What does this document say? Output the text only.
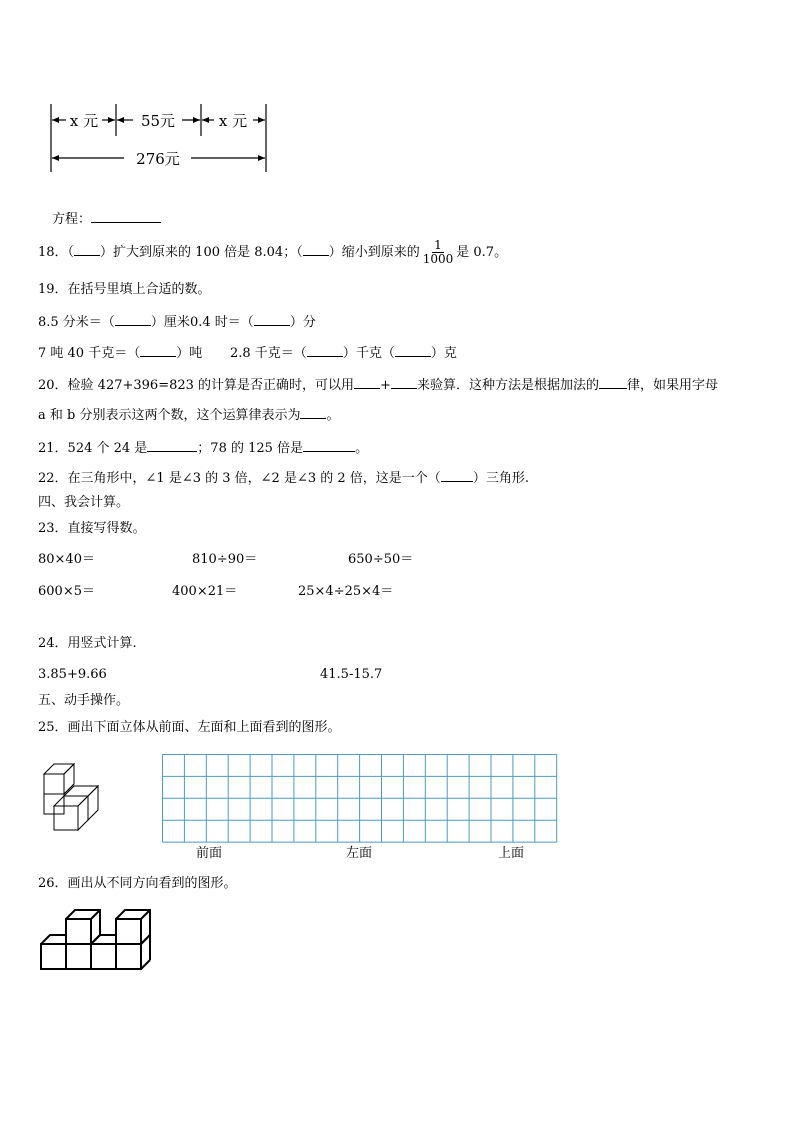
x 元	55元	x 元
276元
方程：
18．（ ）扩大到原来的 100 倍是 8.04；（ ）缩小到原来的 $\frac{1}{1000}$ 是 0.7。
19．在括号里填上合适的数。
8.5 分米＝（	）厘米 0.4 时＝（	）分
7 吨 40 千克＝（	）吨 2.8 千克＝（	）千克（	）克
20．检验 427+396=823 的计算是否正确时，可以用 + 来验算．这种方法是根据加法的 律，如果用字母
a 和 b 分别表示这两个数，这个运算律表示为 。
21．524 个 24 是	；78 的 125 倍是	。
22．在三角形中，∠1 是∠3 的 3 倍，∠2 是∠3 的 2 倍，这是一个（ ）三角形.
四、我会计算。
23．直接写得数。
80×40＝	810÷90＝	650÷50＝
600×5＝	400×21＝	25×4÷25×4＝
24．用竖式计算.
3.85+9.66	41.5-15.7
五、动手操作。
25．画出下面立体从前面、左面和上面看到的图形。
前面	左面	上面
26．画出从不同方向看到的图形。
